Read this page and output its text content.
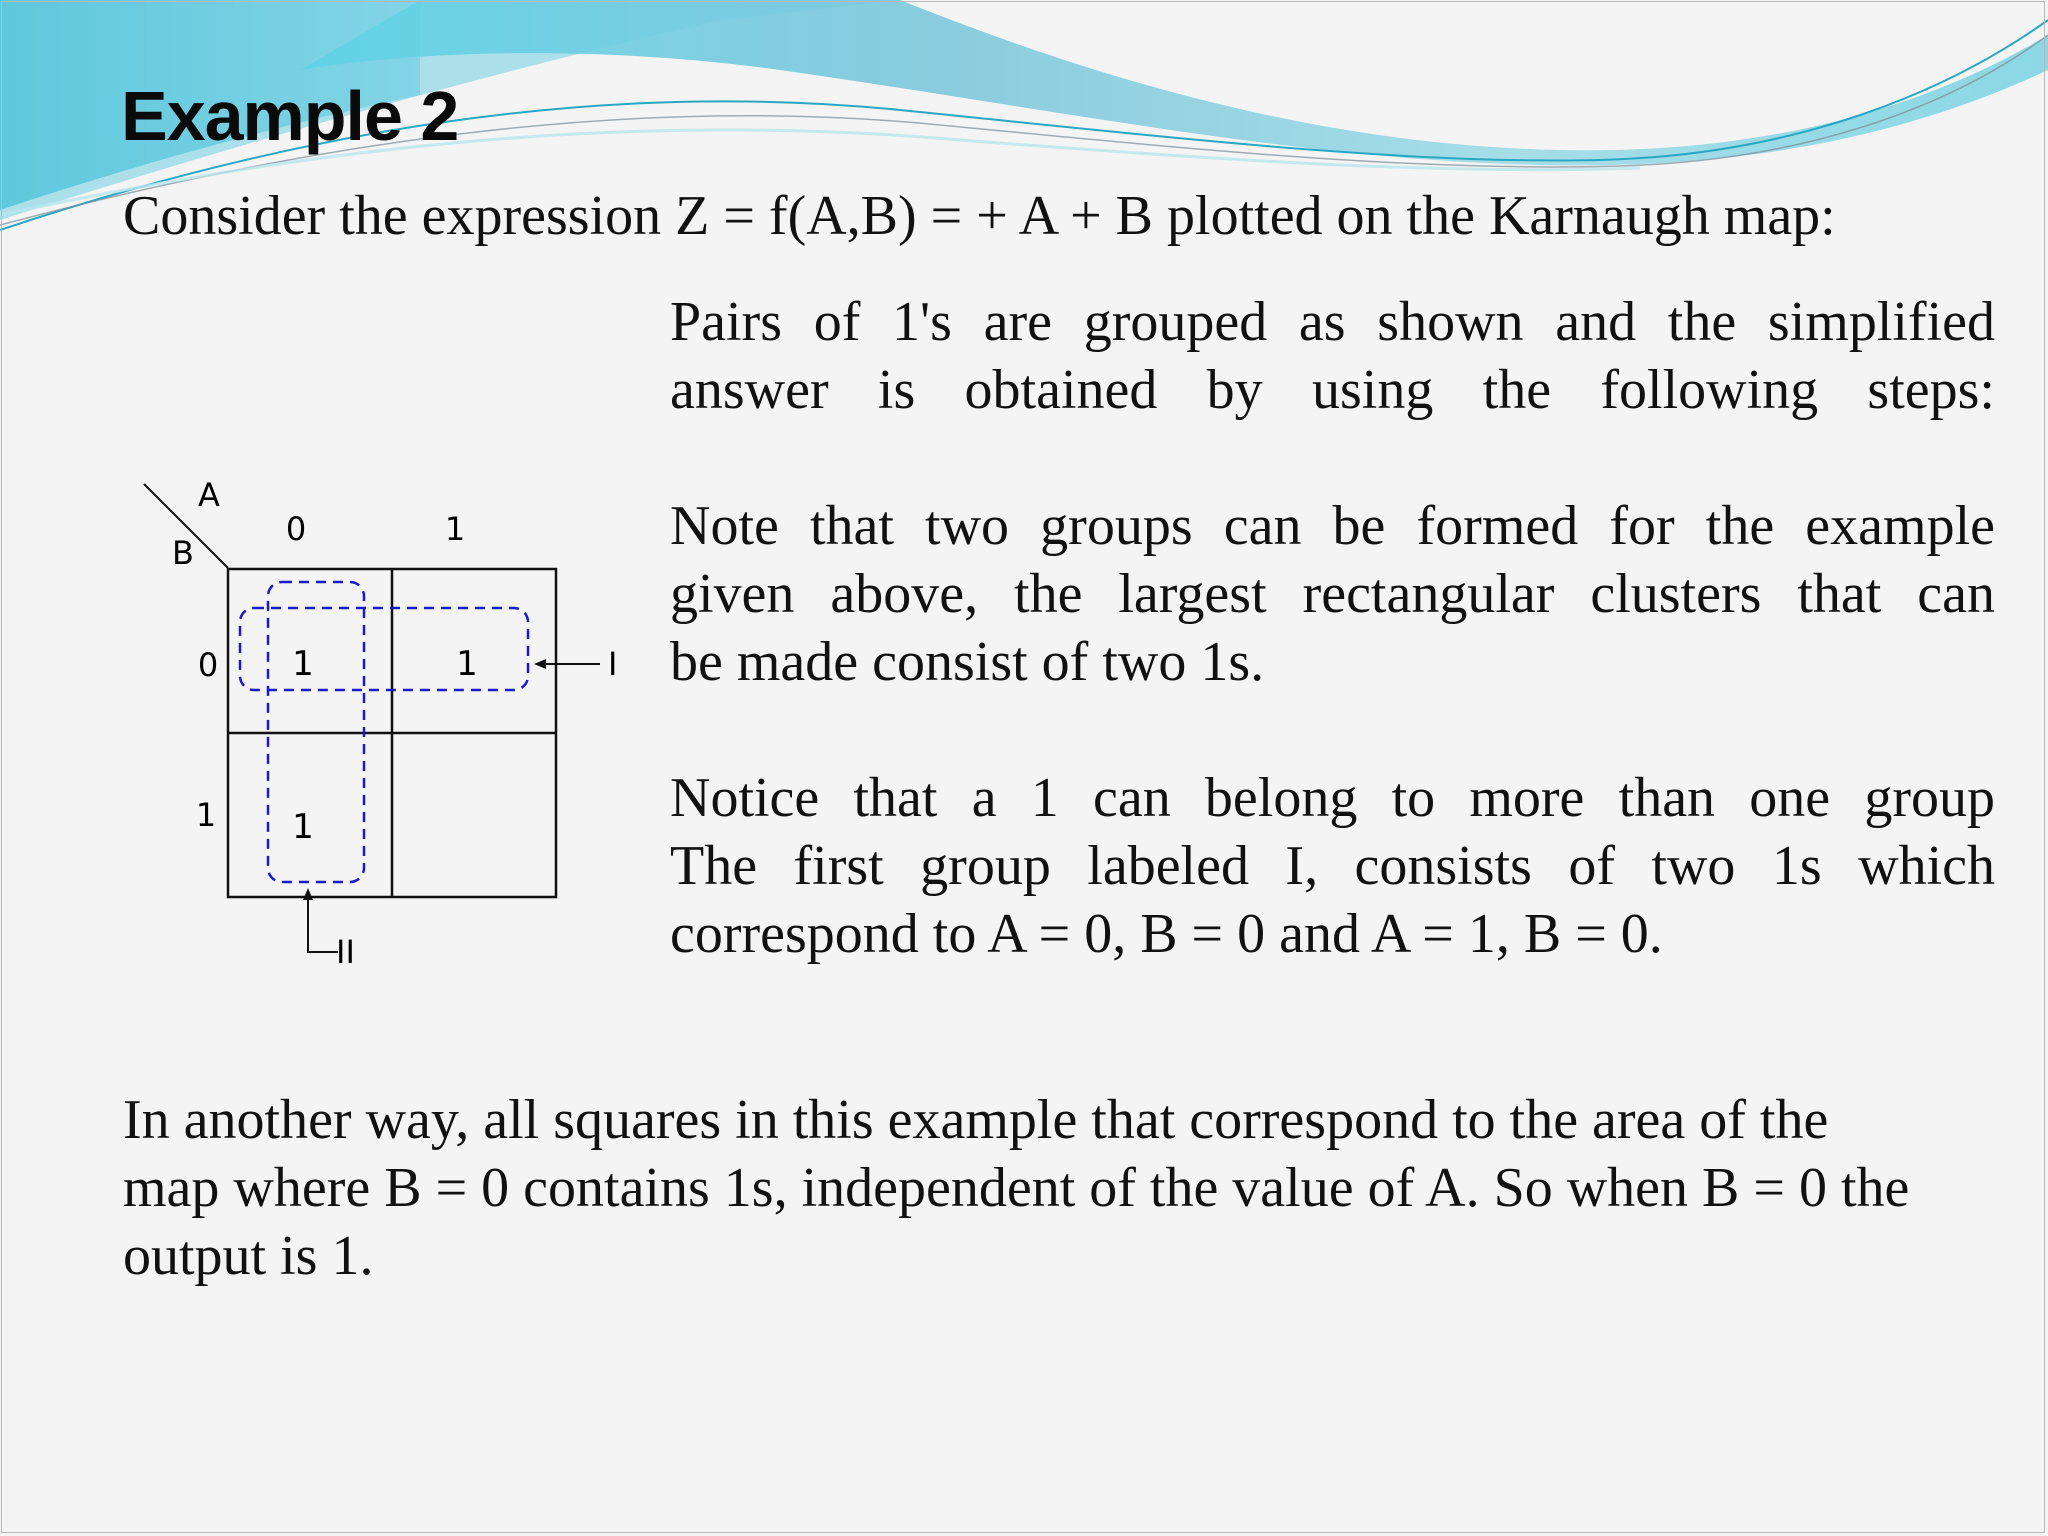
Example 2
Consider the expression Z = f(A,B) = + A + B plotted on the Karnaugh map:
Pairs of 1's are grouped as shown and the simplified
answer is obtained by using the following steps:
Note that two groups can be formed for the example
given above, the largest rectangular clusters that can
be made consist of two 1s.
Notice that a 1 can belong to more than one group
The first group labeled I, consists of two 1s which
correspond to A = 0, B = 0 and A = 1, B = 0.
In another way, all squares in this example that correspond to the area of the
map where B = 0 contains 1s, independent of the value of A. So when B = 0 the
output is 1.
A
B
0	1
0
1
1	1
1
I
II
